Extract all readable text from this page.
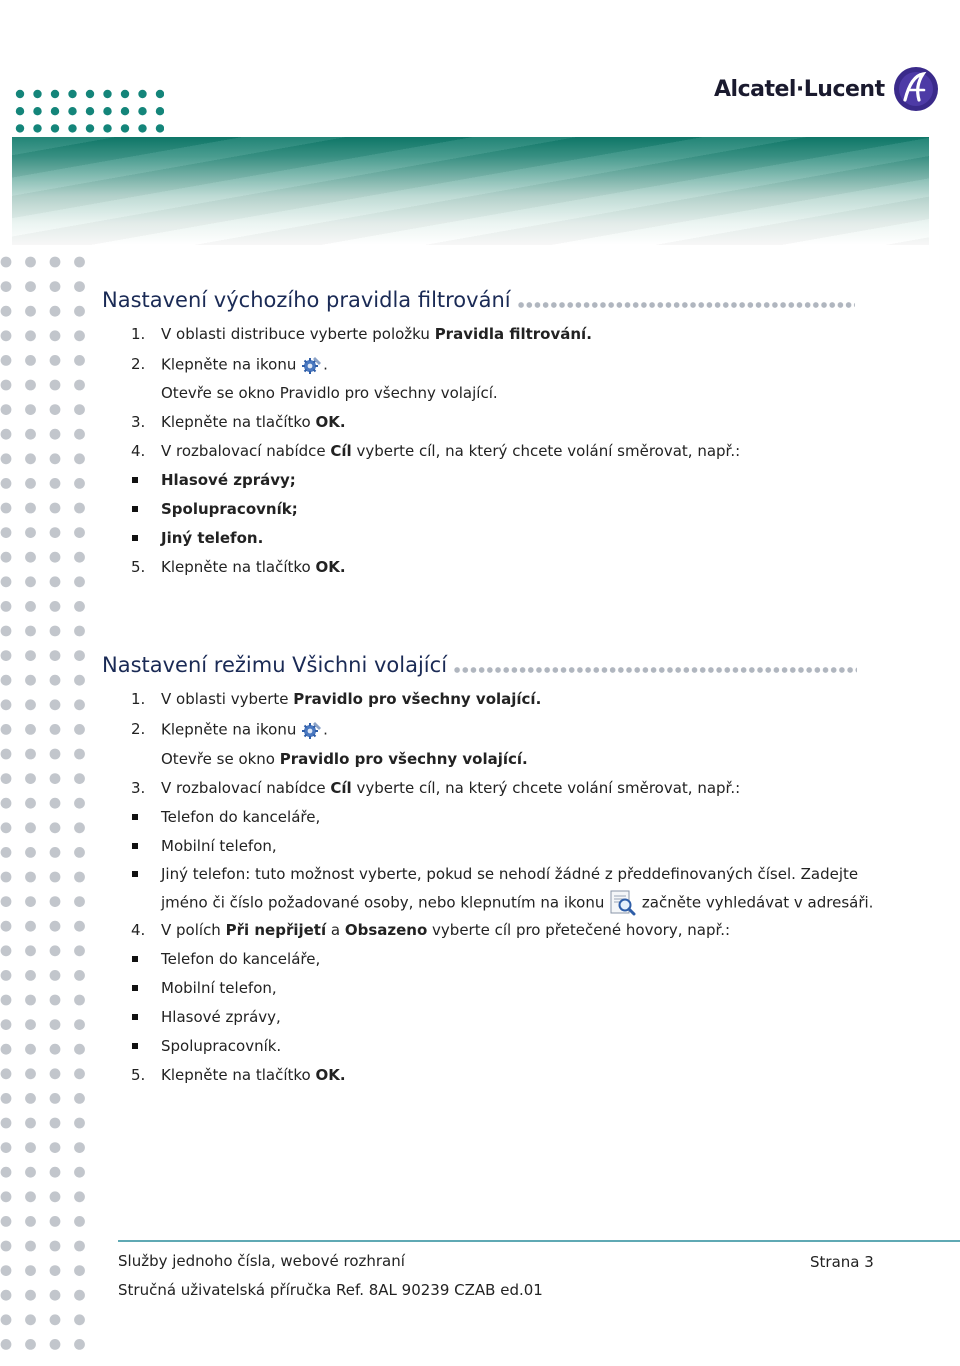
Alcatel·Lucent
Nastavení výchozího pravidla filtrování
1. V oblasti distribuce vyberte položku Pravidla filtrování.
2. Klepněte na ikonu .
Otevře se okno Pravidlo pro všechny volající.
3. Klepněte na tlačítko OK.
4. V rozbalovací nabídce Cíl vyberte cíl, na který chcete volání směrovat, např.:
Hlasové zprávy;
Spolupracovník;
Jiný telefon.
5. Klepněte na tlačítko OK.
Nastavení režimu Všichni volající
1. V oblasti vyberte Pravidlo pro všechny volající.
2. Klepněte na ikonu .
Otevře se okno Pravidlo pro všechny volající.
3. V rozbalovací nabídce Cíl vyberte cíl, na který chcete volání směrovat, např.:
Telefon do kanceláře,
Mobilní telefon,
Jiný telefon: tuto možnost vyberte, pokud se nehodí žádné z předdefinovaných čísel. Zadejte
jméno či číslo požadované osoby, nebo klepnutím na ikonu  začněte vyhledávat v adresáři.
4. V polích Při nepřijetí a Obsazeno vyberte cíl pro přetečené hovory, např.:
Telefon do kanceláře,
Mobilní telefon,
Hlasové zprávy,
Spolupracovník.
5. Klepněte na tlačítko OK.
Služby jednoho čísla, webové rozhraní	Strana 3
Stručná uživatelská příručka Ref. 8AL 90239 CZAB ed.01
